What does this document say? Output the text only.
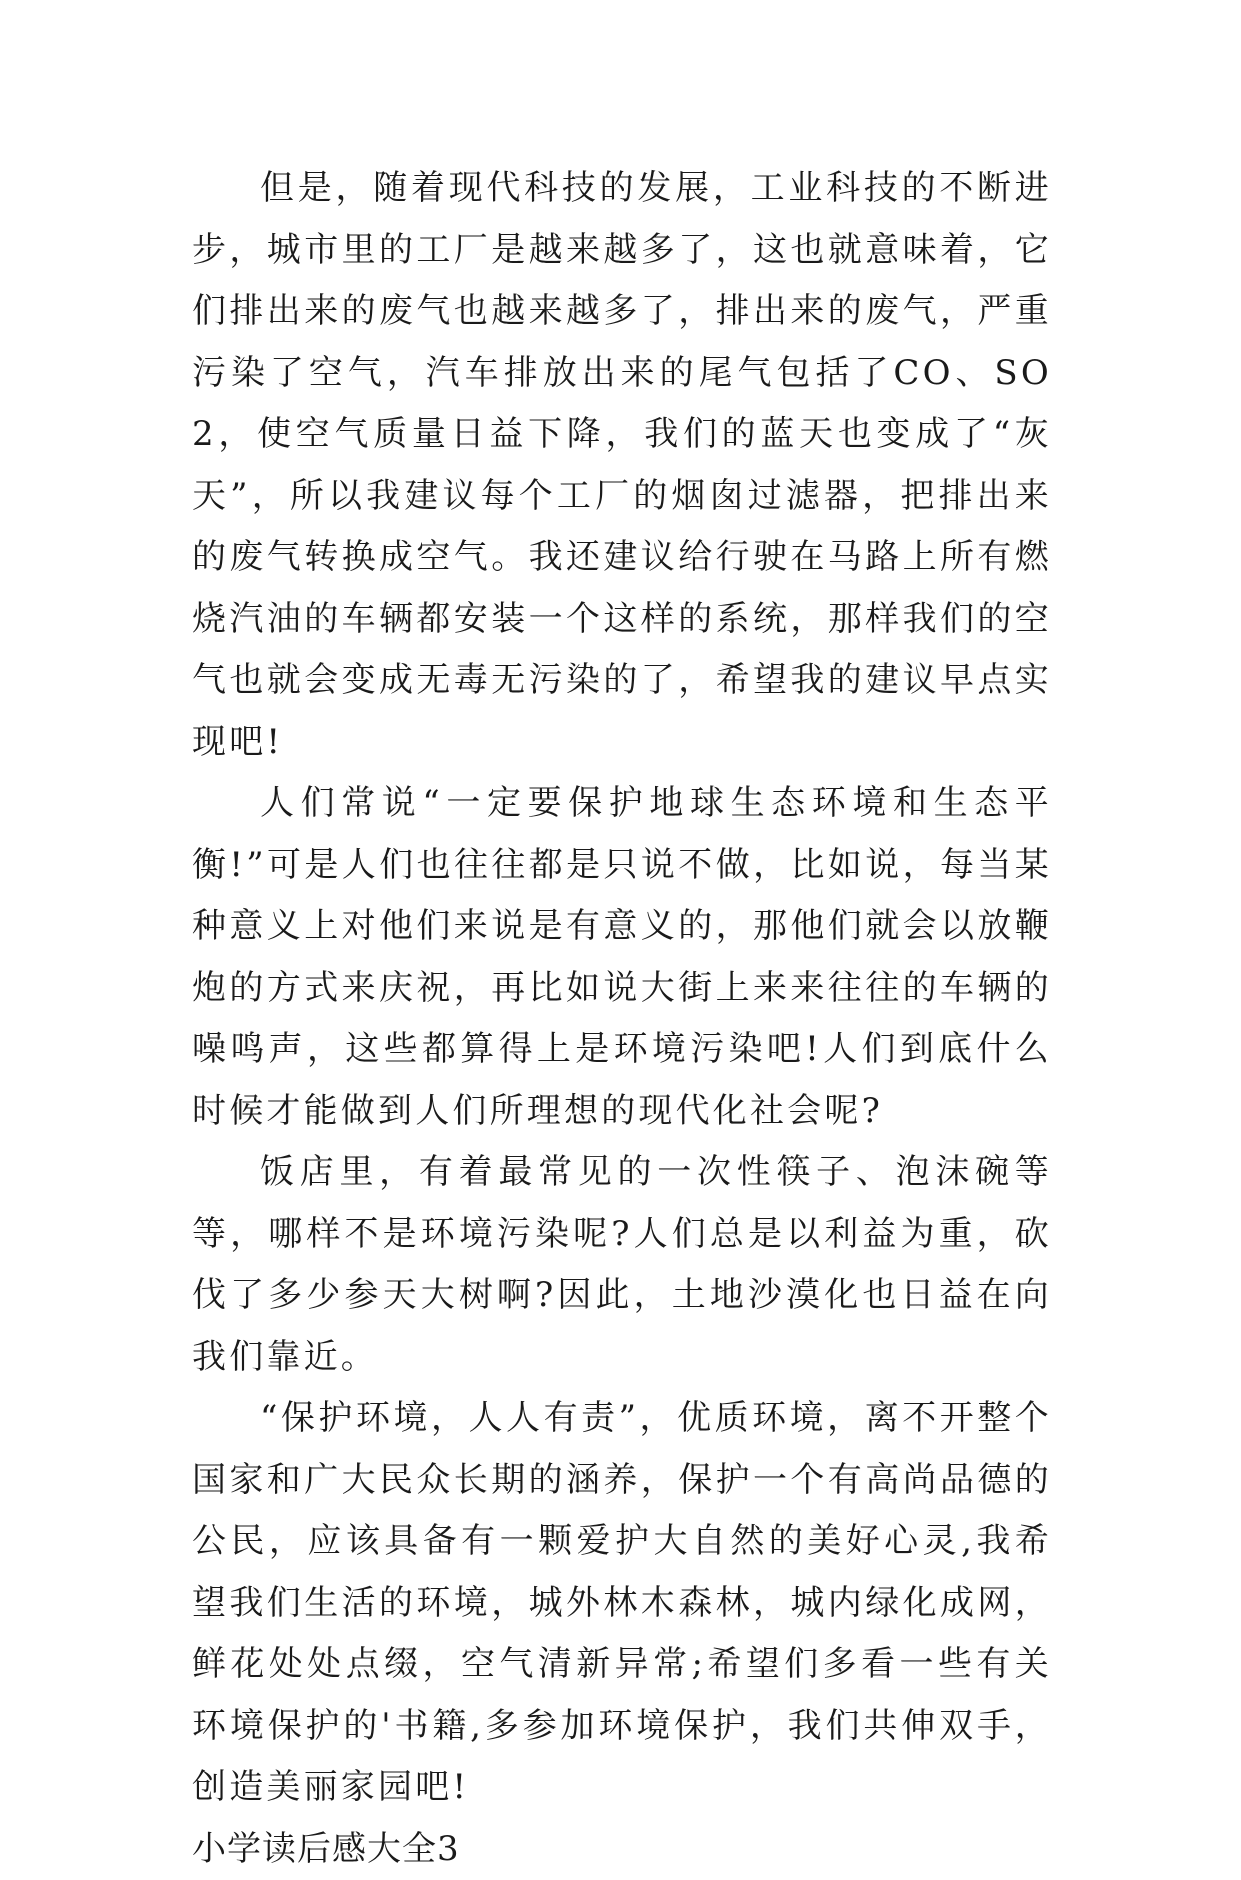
但是，随着现代科技的发展，工业科技的不断进步，城市里的工厂是越来越多了，这也就意味着，它们排出来的废气也越来越多了，排出来的废气，严重污染了空气，汽车排放出来的尾气包括了CO、SO2，使空气质量日益下降，我们的蓝天也变成了“灰天”，所以我建议每个工厂的烟囱过滤器，把排出来的废气转换成空气。我还建议给行驶在马路上所有燃烧汽油的车辆都安装一个这样的系统，那样我们的空气也就会变成无毒无污染的了，希望我的建议早点实现吧!

人们常说“一定要保护地球生态环境和生态平衡!”可是人们也往往都是只说不做，比如说，每当某种意义上对他们来说是有意义的，那他们就会以放鞭炮的方式来庆祝，再比如说大街上来来往往的车辆的噪鸣声，这些都算得上是环境污染吧!人们到底什么时候才能做到人们所理想的现代化社会呢?

饭店里，有着最常见的一次性筷子、泡沫碗等等，哪样不是环境污染呢?人们总是以利益为重，砍伐了多少参天大树啊?因此，土地沙漠化也日益在向我们靠近。

“保护环境，人人有责”，优质环境，离不开整个国家和广大民众长期的涵养，保护一个有高尚品德的公民，应该具备有一颗爱护大自然的美好心灵,我希望我们生活的环境，城外林木森林，城内绿化成网，鲜花处处点缀，空气清新异常;希望们多看一些有关环境保护的'书籍,多参加环境保护，我们共伸双手，创造美丽家园吧!

小学读后感大全3
